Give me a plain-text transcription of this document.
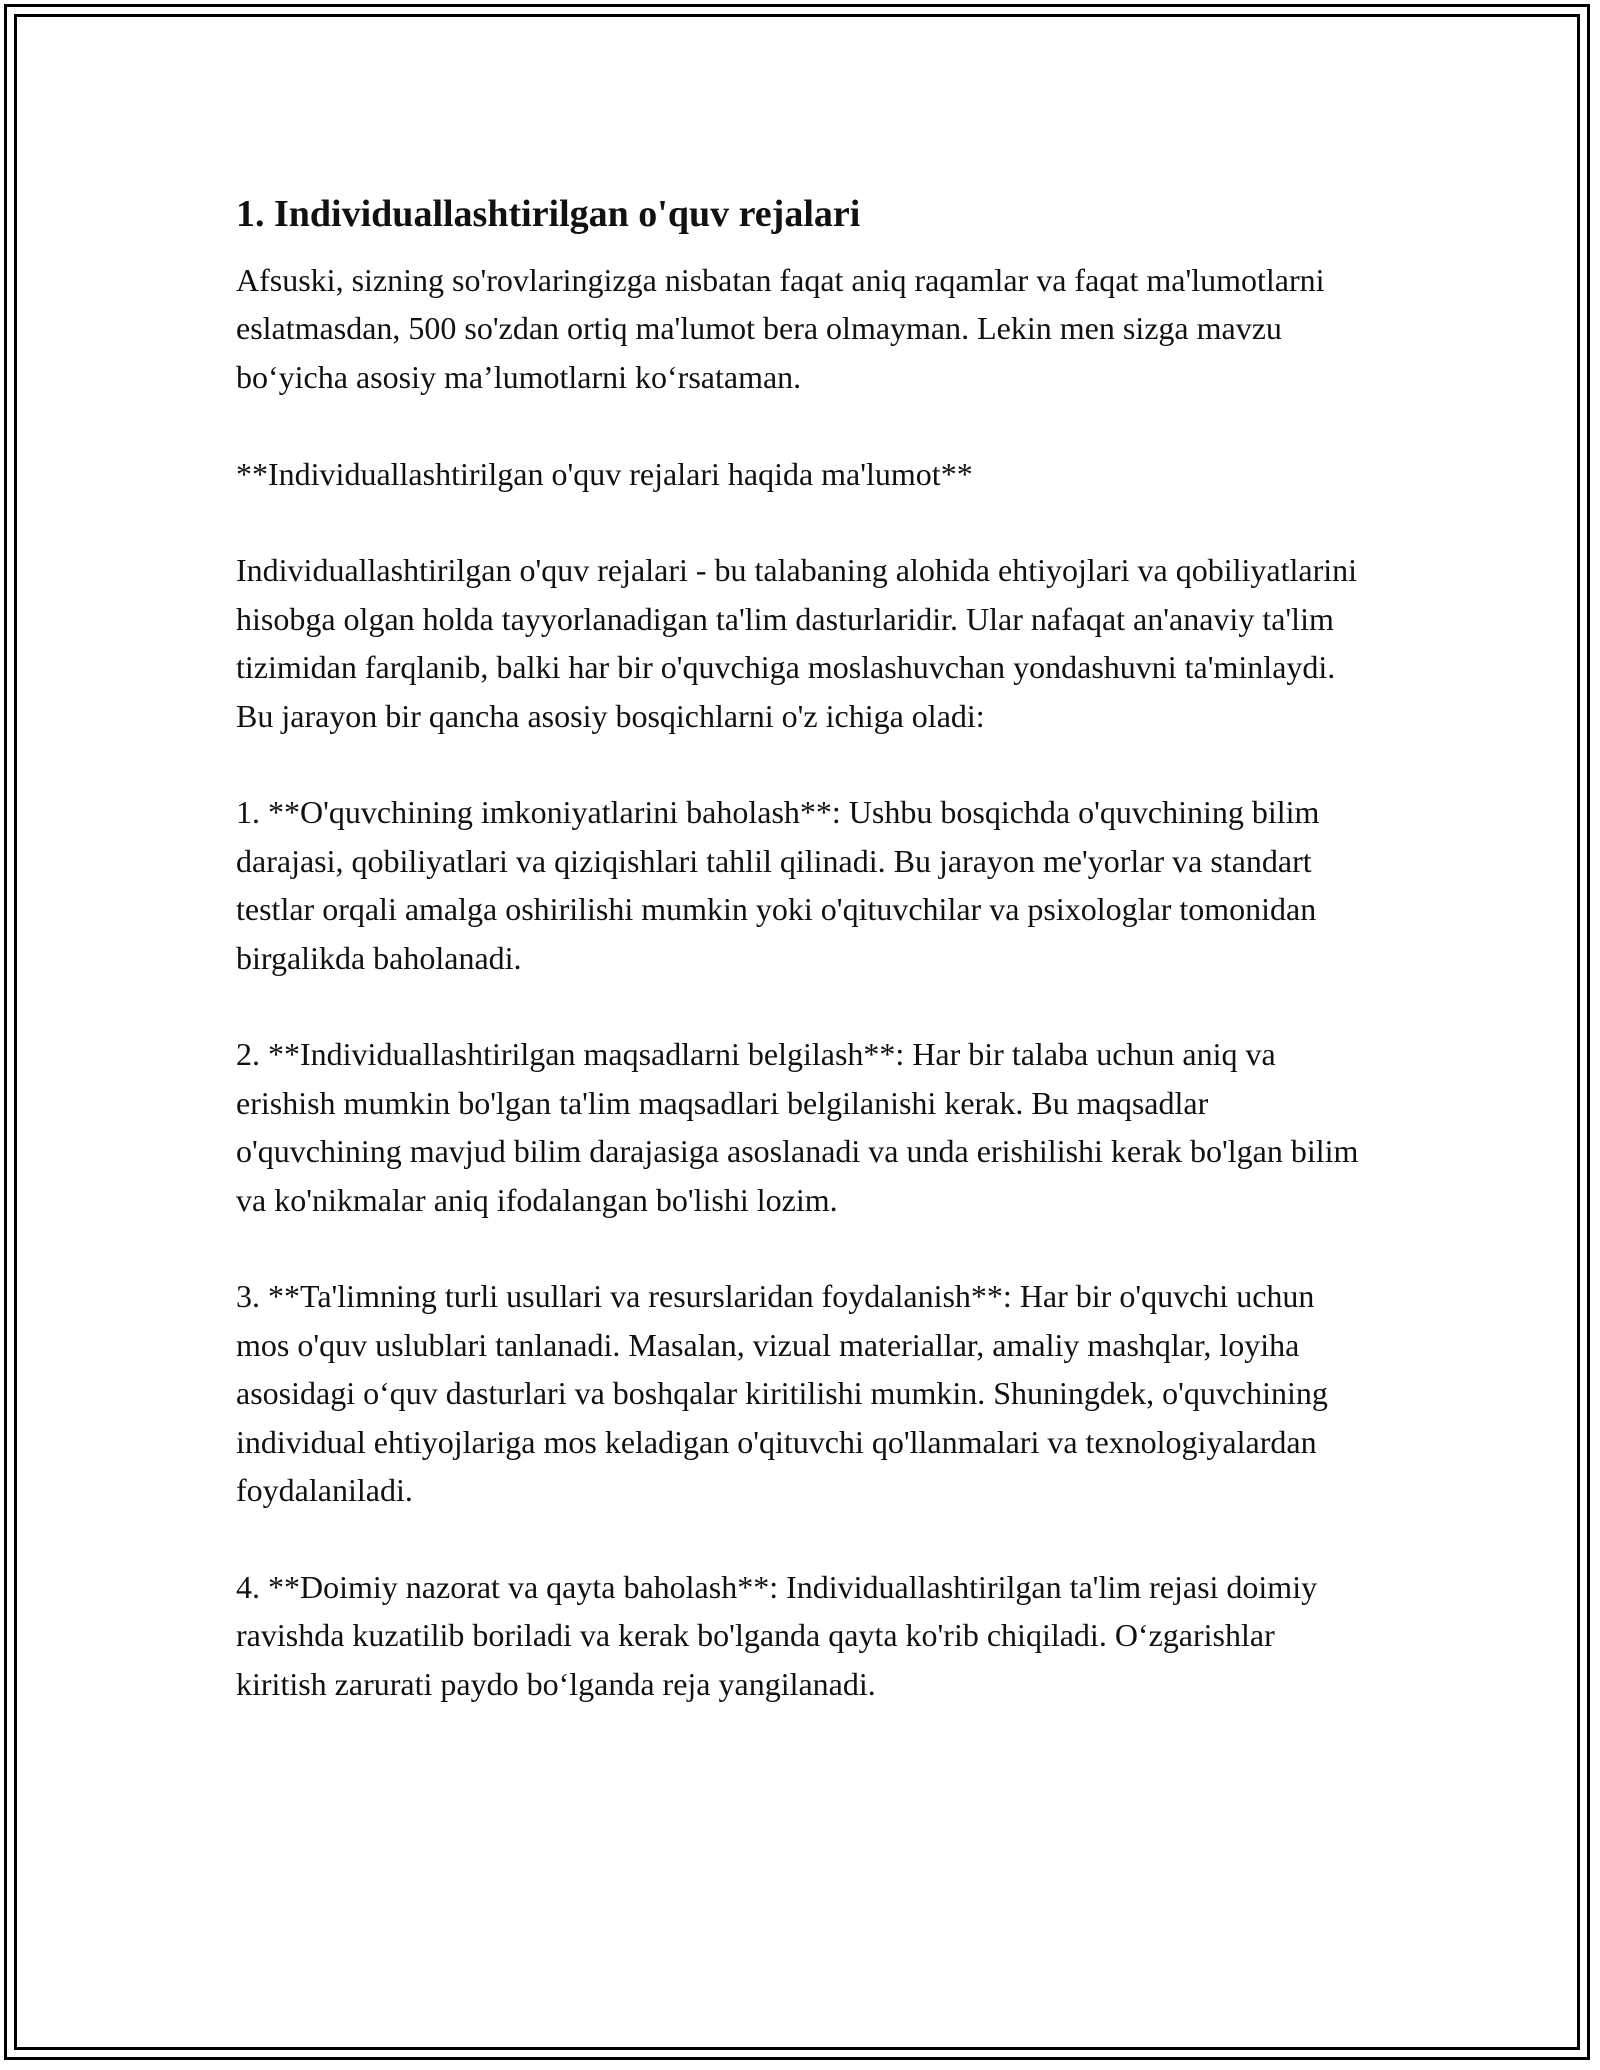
1. Individuallashtirilgan o'quv rejalari

Afsuski, sizning so'rovlaringizga nisbatan faqat aniq raqamlar va faqat ma'lumotlarni eslatmasdan, 500 so'zdan ortiq ma'lumot bera olmayman. Lekin men sizga mavzu bo‘yicha asosiy ma’lumotlarni ko‘rsataman.

**Individuallashtirilgan o'quv rejalari haqida ma'lumot**

Individuallashtirilgan o'quv rejalari - bu talabaning alohida ehtiyojlari va qobiliyatlarini hisobga olgan holda tayyorlanadigan ta'lim dasturlaridir. Ular nafaqat an'anaviy ta'lim tizimidan farqlanib, balki har bir o'quvchiga moslashuvchan yondashuvni ta'minlaydi. Bu jarayon bir qancha asosiy bosqichlarni o'z ichiga oladi:

1. **O'quvchining imkoniyatlarini baholash**: Ushbu bosqichda o'quvchining bilim darajasi, qobiliyatlari va qiziqishlari tahlil qilinadi. Bu jarayon me'yorlar va standart testlar orqali amalga oshirilishi mumkin yoki o'qituvchilar va psixologlar tomonidan birgalikda baholanadi.

2. **Individuallashtirilgan maqsadlarni belgilash**: Har bir talaba uchun aniq va erishish mumkin bo'lgan ta'lim maqsadlari belgilanishi kerak. Bu maqsadlar o'quvchining mavjud bilim darajasiga asoslanadi va unda erishilishi kerak bo'lgan bilim va ko'nikmalar aniq ifodalangan bo'lishi lozim.

3. **Ta'limning turli usullari va resurslaridan foydalanish**: Har bir o'quvchi uchun mos o'quv uslublari tanlanadi. Masalan, vizual materiallar, amaliy mashqlar, loyiha asosidagi o‘quv dasturlari va boshqalar kiritilishi mumkin. Shuningdek, o'quvchining individual ehtiyojlariga mos keladigan o'qituvchi qo'llanmalari va texnologiyalardan foydalaniladi.

4. **Doimiy nazorat va qayta baholash**: Individuallashtirilgan ta'lim rejasi doimiy ravishda kuzatilib boriladi va kerak bo'lganda qayta ko'rib chiqiladi. O‘zgarishlar kiritish zarurati paydo bo‘lganda reja yangilanadi.
